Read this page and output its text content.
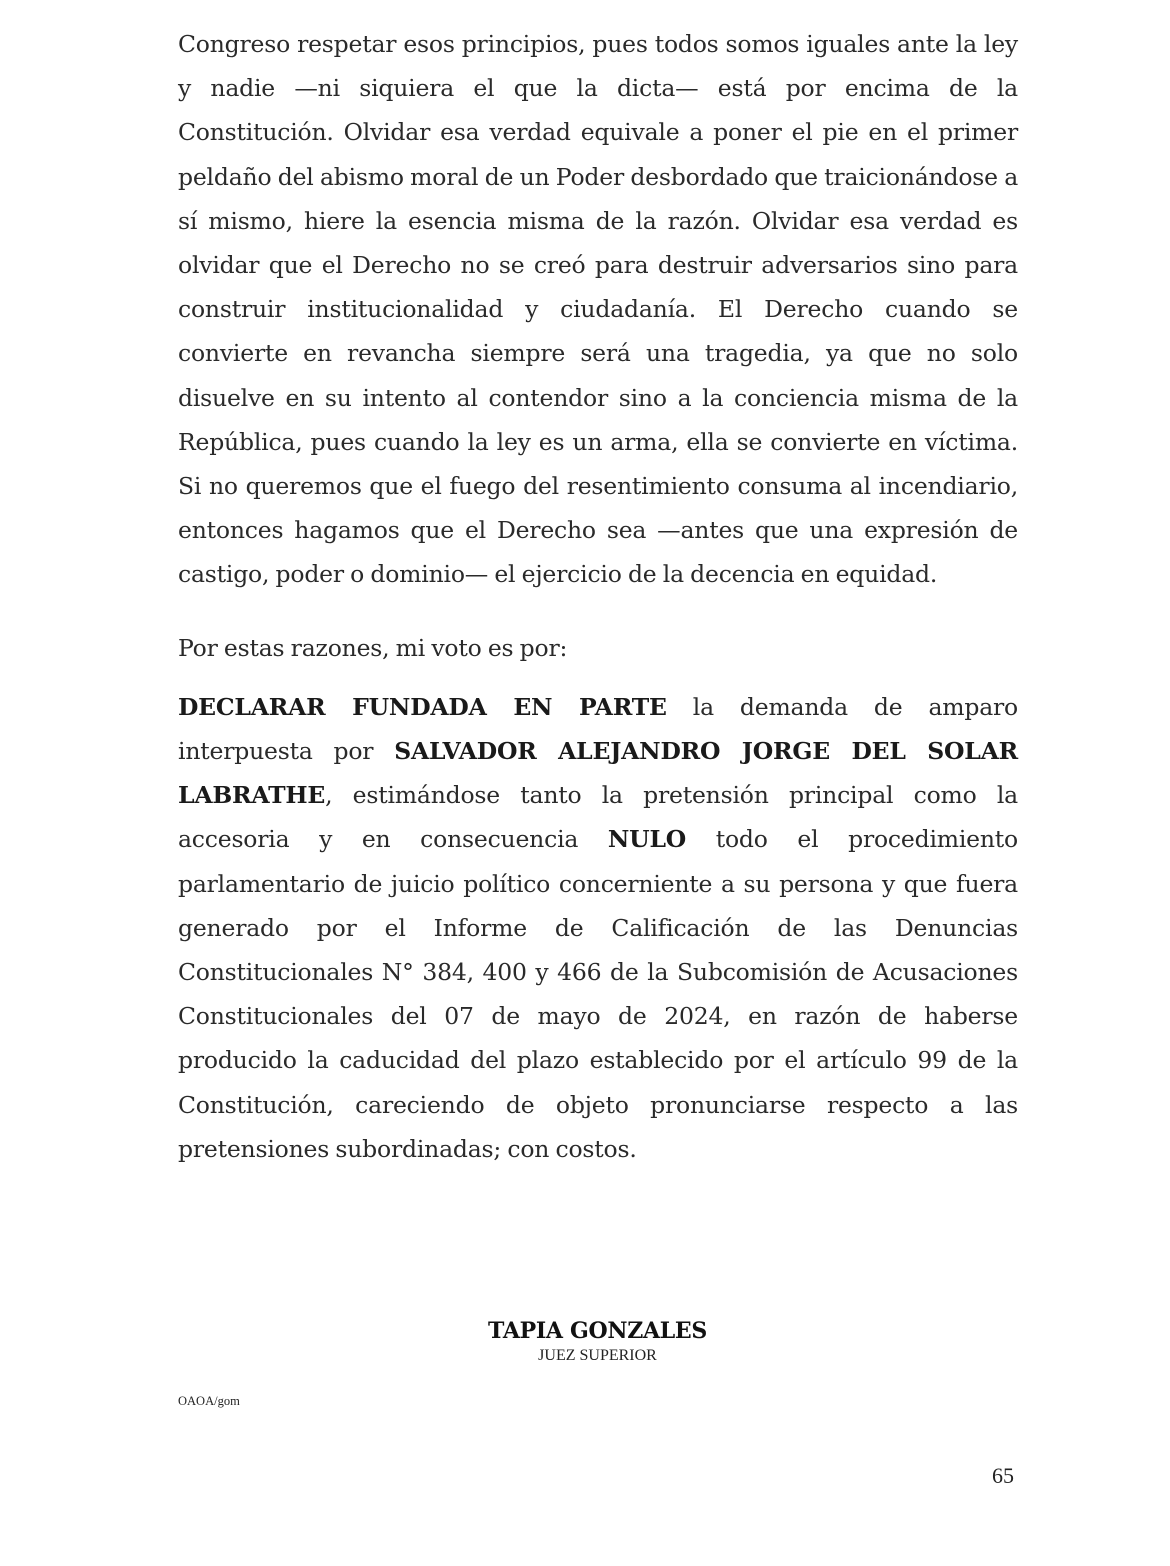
Congreso respetar esos principios, pues todos somos iguales ante la ley y nadie —ni siquiera el que la dicta— está por encima de la Constitución. Olvidar esa verdad equivale a poner el pie en el primer peldaño del abismo moral de un Poder desbordado que traicionándose a sí mismo, hiere la esencia misma de la razón. Olvidar esa verdad es olvidar que el Derecho no se creó para destruir adversarios sino para construir institucionalidad y ciudadanía. El Derecho cuando se convierte en revancha siempre será una tragedia, ya que no solo disuelve en su intento al contendor sino a la conciencia misma de la República, pues cuando la ley es un arma, ella se convierte en víctima. Si no queremos que el fuego del resentimiento consuma al incendiario, entonces hagamos que el Derecho sea —antes que una expresión de castigo, poder o dominio— el ejercicio de la decencia en equidad.

Por estas razones, mi voto es por:

DECLARAR FUNDADA EN PARTE la demanda de amparo interpuesta por SALVADOR ALEJANDRO JORGE DEL SOLAR LABRATHE, estimándose tanto la pretensión principal como la accesoria y en consecuencia NULO todo el procedimiento parlamentario de juicio político concerniente a su persona y que fuera generado por el Informe de Calificación de las Denuncias Constitucionales N° 384, 400 y 466 de la Subcomisión de Acusaciones Constitucionales del 07 de mayo de 2024, en razón de haberse producido la caducidad del plazo establecido por el artículo 99 de la Constitución, careciendo de objeto pronunciarse respecto a las pretensiones subordinadas; con costos.

TAPIA GONZALES
JUEZ SUPERIOR
OAOA/gom
65
